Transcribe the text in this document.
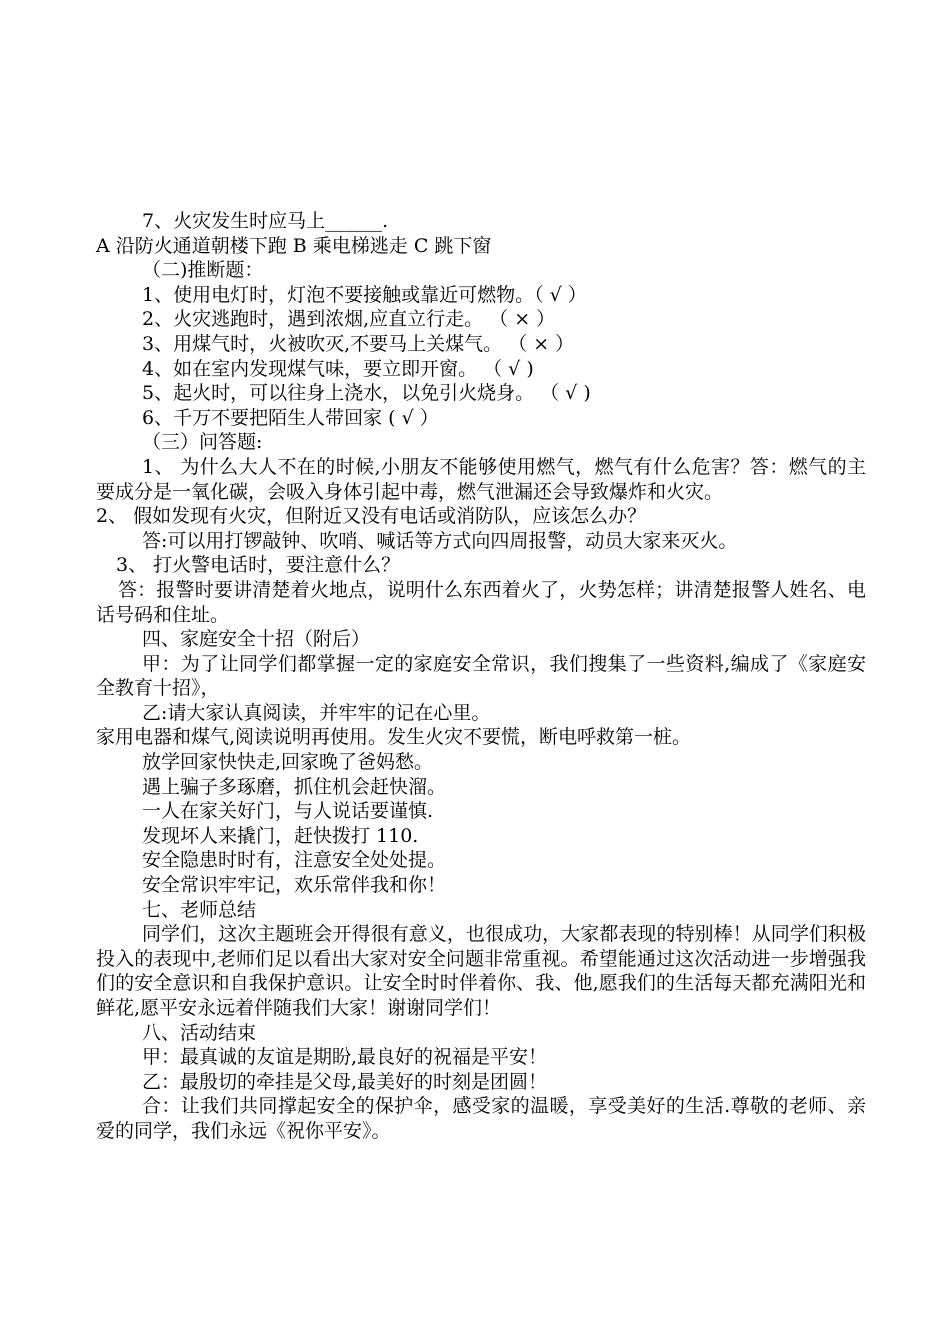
7、火灾发生时应马上______.

A 沿防火通道朝楼下跑 B 乘电梯逃走 C 跳下窗

（二)推断题：

1、使用电灯时，灯泡不要接触或靠近可燃物。（ √ ）

2、火灾逃跑时，遇到浓烟,应直立行走。 （ × ）

3、用煤气时，火被吹灭,不要马上关煤气。 （ × ）

4、如在室内发现煤气味，要立即开窗。 （ √ )

5、起火时，可以往身上浇水，以免引火烧身。 （ √ )

6、千万不要把陌生人带回家 ( √ ）

（三）问答题:

1、 为什么大人不在的时候,小朋友不能够使用燃气，燃气有什么危害？答：燃气的主要成分是一氧化碳，会吸入身体引起中毒，燃气泄漏还会导致爆炸和火灾。

2、 假如发现有火灾，但附近又没有电话或消防队，应该怎么办？

答:可以用打锣敲钟、吹哨、喊话等方式向四周报警，动员大家来灭火。

3、 打火警电话时，要注意什么？

答：报警时要讲清楚着火地点，说明什么东西着火了，火势怎样；讲清楚报警人姓名、电话号码和住址。

四、家庭安全十招（附后）

甲：为了让同学们都掌握一定的家庭安全常识，我们搜集了一些资料,编成了《家庭安全教育十招》，

乙:请大家认真阅读，并牢牢的记在心里。

家用电器和煤气,阅读说明再使用。发生火灾不要慌，断电呼救第一桩。

放学回家快快走,回家晚了爸妈愁。

遇上骗子多琢磨，抓住机会赶快溜。

一人在家关好门，与人说话要谨慎.

发现坏人来撬门，赶快拨打 110.

安全隐患时时有，注意安全处处提。

安全常识牢牢记，欢乐常伴我和你！

七、老师总结

同学们，这次主题班会开得很有意义，也很成功，大家都表现的特别棒！从同学们积极投入的表现中,老师们足以看出大家对安全问题非常重视。希望能通过这次活动进一步增强我们的安全意识和自我保护意识。让安全时时伴着你、我、他,愿我们的生活每天都充满阳光和鲜花,愿平安永远着伴随我们大家！谢谢同学们！

八、活动结束

甲：最真诚的友谊是期盼,最良好的祝福是平安！

乙：最殷切的牵挂是父母,最美好的时刻是团圆！

合：让我们共同撑起安全的保护伞，感受家的温暖，享受美好的生活.尊敬的老师、亲爱的同学，我们永远《祝你平安》。
